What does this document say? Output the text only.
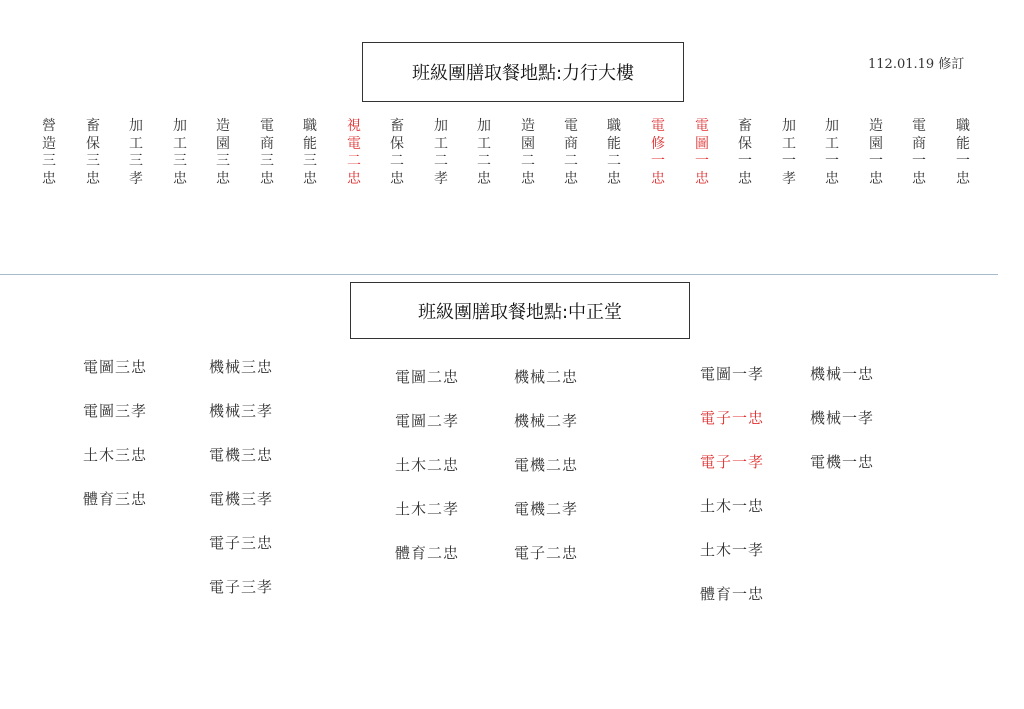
班級團膳取餐地點:力行大樓	112.01.19 修訂
營
造
三
忠
畜
保
三
忠
加
工
三
孝
加
工
三
忠
造
園
三
忠
電
商
三
忠
職
能
三
忠
視
電
二
忠
畜
保
二
忠
加
工
二
孝
加
工
二
忠
造
園
二
忠
電
商
二
忠
職
能
二
忠
電
修
一
忠
電
圖
一
忠
畜
保
一
忠
加
工
一
孝
加
工
一
忠
造
園
一
忠
電
商
一
忠
職
能
一
忠
班級團膳取餐地點:中正堂
電圖三忠
電圖三孝
土木三忠
體育三忠
機械三忠
機械三孝
電機三忠
電機三孝
電子三忠
電子三孝
電圖二忠
電圖二孝
土木二忠
土木二孝
體育二忠
機械二忠
機械二孝
電機二忠
電機二孝
電子二忠
電圖一孝
電子一忠
電子一孝
土木一忠
土木一孝
體育一忠
機械一忠
機械一孝
電機一忠
